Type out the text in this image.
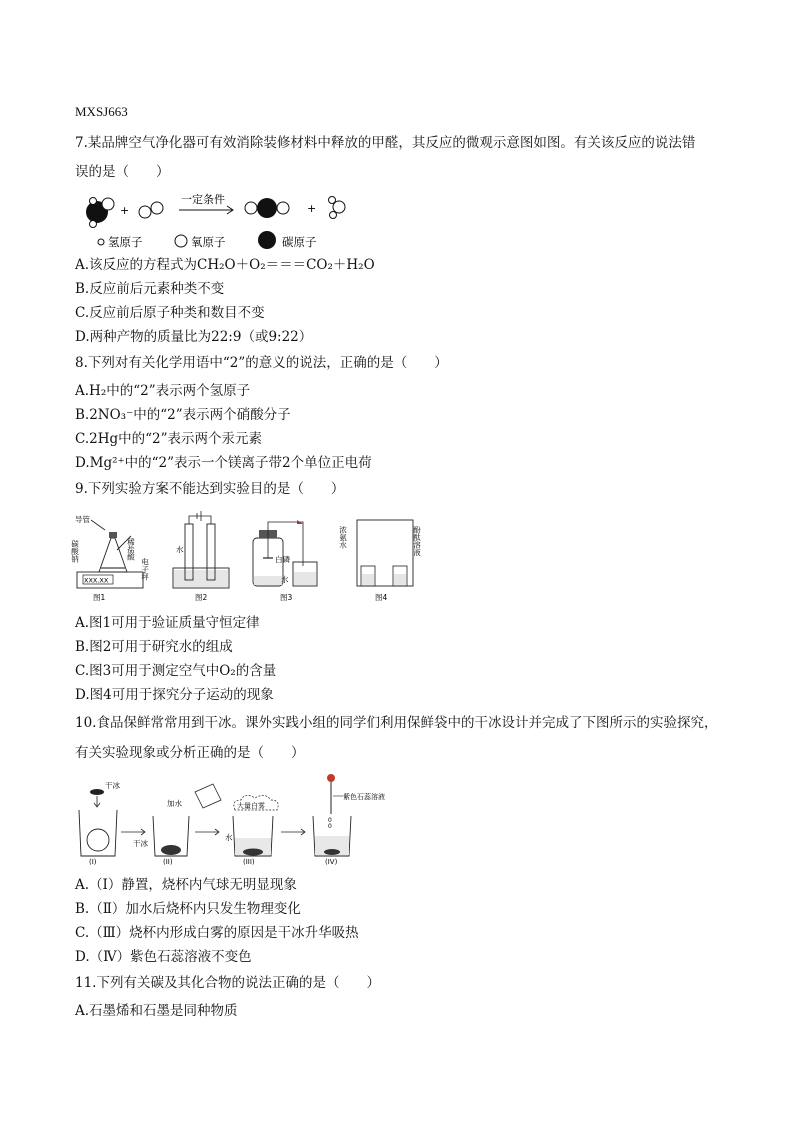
MXSJ663
7.某品牌空气净化器可有效消除装修材料中释放的甲醛，其反应的微观示意图如图。有关该反应的说法错
误的是（　　）
+
一定条件
+
氢原子	氧原子	碳原子
A.该反应的方程式为CH₂O＋O₂＝＝＝CO₂＋H₂O
B.反应前后元素种类不变
C.反应前后原子种类和数目不变
D.两种产物的质量比为22:9（或9:22）
8.下列对有关化学用语中“2”的意义的说法，正确的是（　　）
A.H₂中的“2”表示两个氢原子
B.2NO₃⁻中的“2”表示两个硝酸分子
C.2Hg中的“2”表示两个汞元素
D.Mg²⁺中的“2”表示一个镁离子带2个单位正电荷
9.下列实验方案不能达到实验目的是（　　）
导管
碳酸钠	稀盐酸
XXX.XX	电子秤
图1
水
图2
白磷
水
图3
浓氨水	酚酞溶液
图4
A.图1可用于验证质量守恒定律
B.图2可用于研究水的组成
C.图3可用于测定空气中O₂的含量
D.图4可用于探究分子运动的现象
10.食品保鲜常常用到干冰。课外实践小组的同学们利用保鲜袋中的干冰设计并完成了下图所示的实验探究，
有关实验现象或分析正确的是（　　）
干冰
(I)
加水
干冰
(II)
大量白雾
水
(III)
紫色石蕊溶液
0
0
(IV)
A.（Ⅰ）静置，烧杯内气球无明显现象
B.（Ⅱ）加水后烧杯内只发生物理变化
C.（Ⅲ）烧杯内形成白雾的原因是干冰升华吸热
D.（Ⅳ）紫色石蕊溶液不变色
11.下列有关碳及其化合物的说法正确的是（　　）
A.石墨烯和石墨是同种物质
